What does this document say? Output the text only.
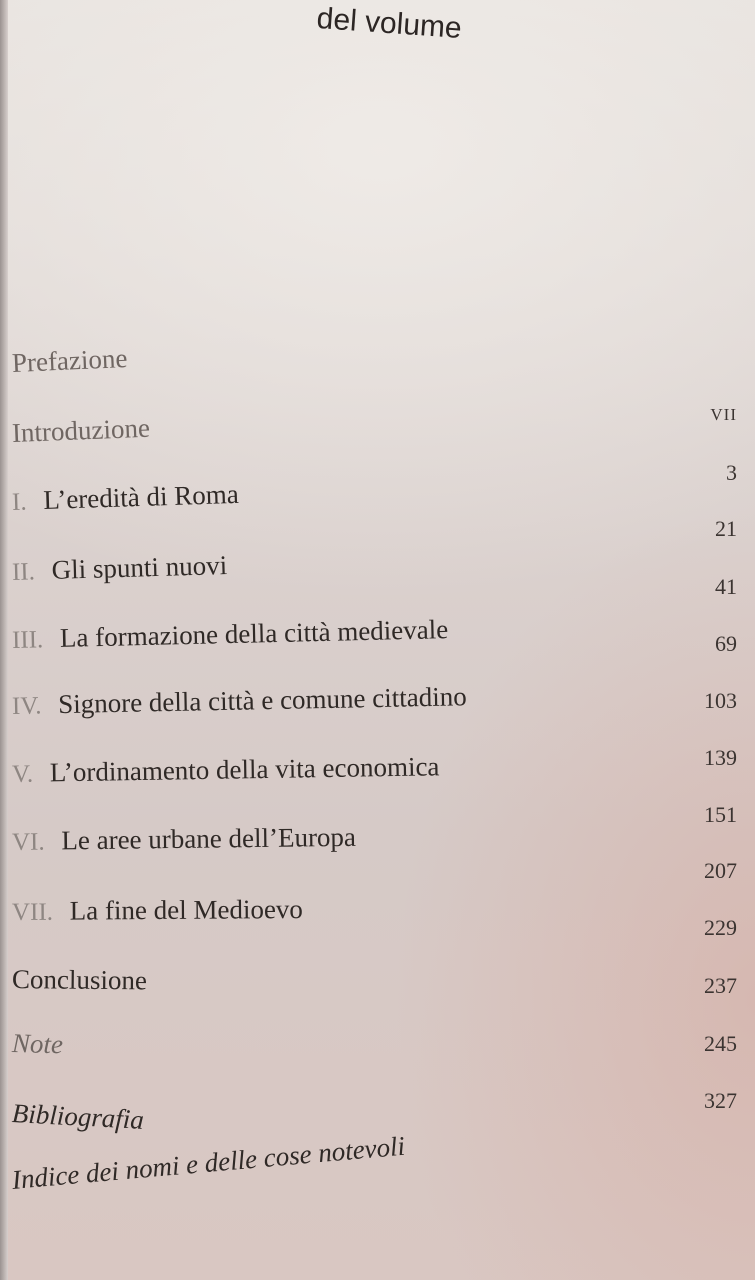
del volume
Prefazione
Introduzione
I. L’eredità di Roma
II. Gli spunti nuovi
III. La formazione della città medievale
IV. Signore della città e comune cittadino
V. L’ordinamento della vita economica
VI. Le aree urbane dell’Europa
VII. La fine del Medioevo
Conclusione
Note
Bibliografia
Indice dei nomi e delle cose notevoli
VII
3
21
41
69
103
139
151
207
229
237
245
327
